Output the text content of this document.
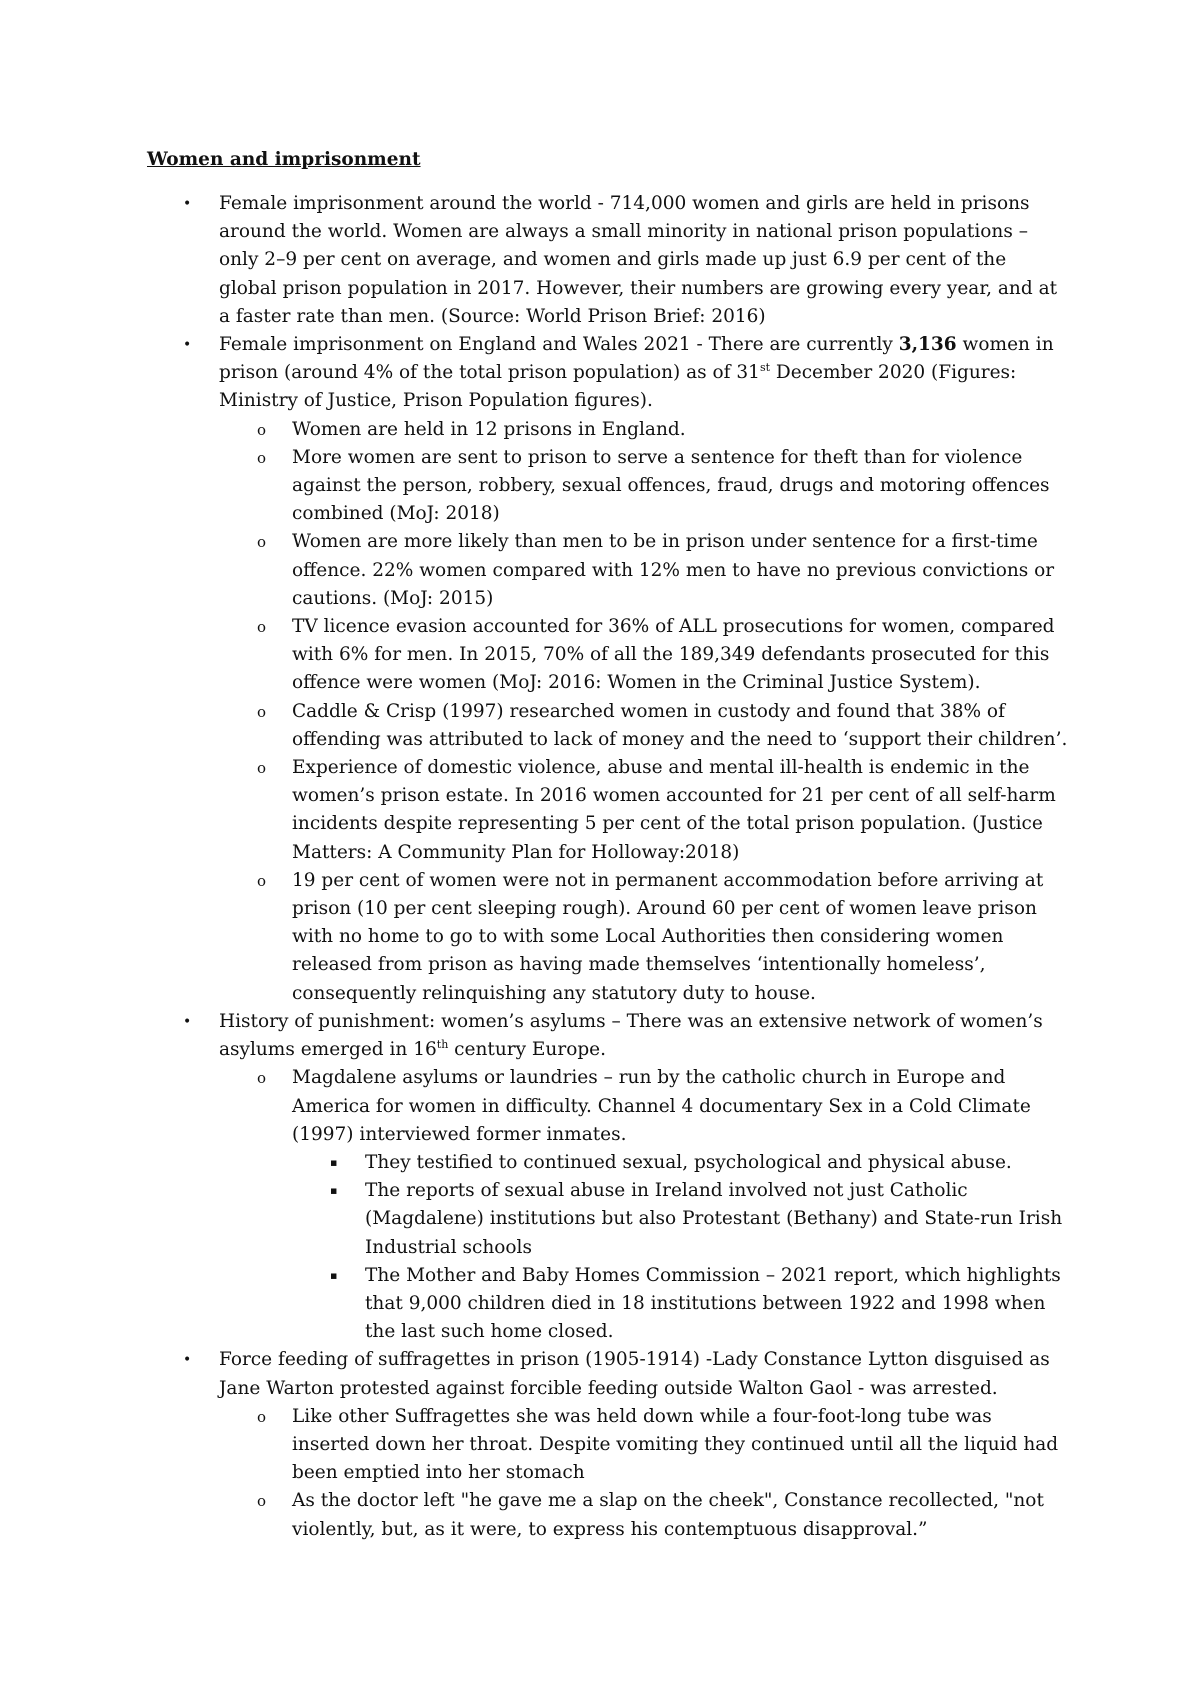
Women and imprisonment
• Female imprisonment around the world - 714,000 women and girls are held in prisons around the world. Women are always a small minority in national prison populations – only 2–9 per cent on average, and women and girls made up just 6.9 per cent of the global prison population in 2017. However, their numbers are growing every year, and at a faster rate than men. (Source: World Prison Brief: 2016)
• Female imprisonment on England and Wales 2021 - There are currently 3,136 women in prison (around 4% of the total prison population) as of 31st December 2020 (Figures: Ministry of Justice, Prison Population figures).
o Women are held in 12 prisons in England.
o More women are sent to prison to serve a sentence for theft than for violence against the person, robbery, sexual offences, fraud, drugs and motoring offences combined (MoJ: 2018)
o Women are more likely than men to be in prison under sentence for a first-time offence. 22% women compared with 12% men to have no previous convictions or cautions. (MoJ: 2015)
o TV licence evasion accounted for 36% of ALL prosecutions for women, compared with 6% for men. In 2015, 70% of all the 189,349 defendants prosecuted for this offence were women (MoJ: 2016: Women in the Criminal Justice System).
o Caddle & Crisp (1997) researched women in custody and found that 38% of offending was attributed to lack of money and the need to ‘support their children’.
o Experience of domestic violence, abuse and mental ill-health is endemic in the women’s prison estate. In 2016 women accounted for 21 per cent of all self-harm incidents despite representing 5 per cent of the total prison population. (Justice Matters: A Community Plan for Holloway:2018)
o 19 per cent of women were not in permanent accommodation before arriving at prison (10 per cent sleeping rough). Around 60 per cent of women leave prison with no home to go to with some Local Authorities then considering women released from prison as having made themselves ‘intentionally homeless’, consequently relinquishing any statutory duty to house.
• History of punishment: women’s asylums – There was an extensive network of women’s asylums emerged in 16th century Europe.
o Magdalene asylums or laundries – run by the catholic church in Europe and America for women in difficulty. Channel 4 documentary Sex in a Cold Climate (1997) interviewed former inmates.
▪ They testified to continued sexual, psychological and physical abuse.
▪ The reports of sexual abuse in Ireland involved not just Catholic (Magdalene) institutions but also Protestant (Bethany) and State-run Irish Industrial schools
▪ The Mother and Baby Homes Commission – 2021 report, which highlights that 9,000 children died in 18 institutions between 1922 and 1998 when the last such home closed.
• Force feeding of suffragettes in prison (1905-1914) -Lady Constance Lytton disguised as Jane Warton protested against forcible feeding outside Walton Gaol - was arrested.
o Like other Suffragettes she was held down while a four-foot-long tube was inserted down her throat. Despite vomiting they continued until all the liquid had been emptied into her stomach
o As the doctor left "he gave me a slap on the cheek", Constance recollected, "not violently, but, as it were, to express his contemptuous disapproval.”
